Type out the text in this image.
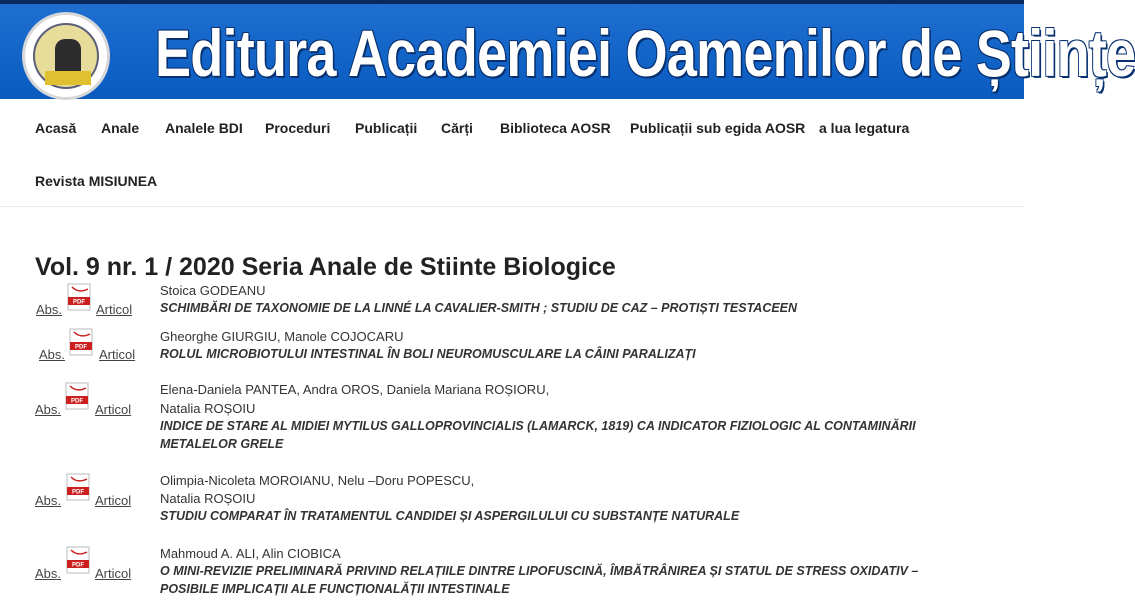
Editura Academiei Oamenilor de Științe
Acasă Anale Analele BDI Proceduri Publicații Cărți Biblioteca AOSR Publicații sub egida AOSR a lua legatura
Revista MISIUNEA
Vol. 9 nr. 1 / 2020 Seria Anale de Stiinte Biologice
Abs. PDF Articol
Stoica GODEANU
SCHIMBĂRI DE TAXONOMIE DE LA LINNÉ LA CAVALIER-SMITH ; STUDIU DE CAZ – PROTIȘTI TESTACEEN
Abs. PDF Articol
Gheorghe GIURGIU, Manole COJOCARU
ROLUL MICROBIOTULUI INTESTINAL ÎN BOLI NEUROMUSCULARE LA CÂINI PARALIZAȚI
Abs.
PDF
Articol
Elena-Daniela PANTEA, Andra OROS, Daniela Mariana ROȘIORU,
Natalia ROȘOIU
INDICE DE STARE AL MIDIEI MYTILUS GALLOPROVINCIALIS (LAMARCK, 1819) CA INDICATOR FIZIOLOGIC AL CONTAMINĂRII
METALELOR GRELE
Abs.
PDF
Articol
Olimpia-Nicoleta MOROIANU, Nelu –Doru POPESCU,
Natalia ROȘOIU
STUDIU COMPARAT ÎN TRATAMENTUL CANDIDEI ȘI ASPERGILULUI CU SUBSTANȚE NATURALE
Abs.
PDF
Articol
Mahmoud A. ALI, Alin CIOBICA
O MINI-REVIZIE PRELIMINARĂ PRIVIND RELAȚIILE DINTRE LIPOFUSCINĂ, ÎMBĂTRÂNIREA ȘI STATUL DE STRESS OXIDATIV –
POSIBILE IMPLICAȚII ALE FUNCȚIONALĂȚII INTESTINALE
